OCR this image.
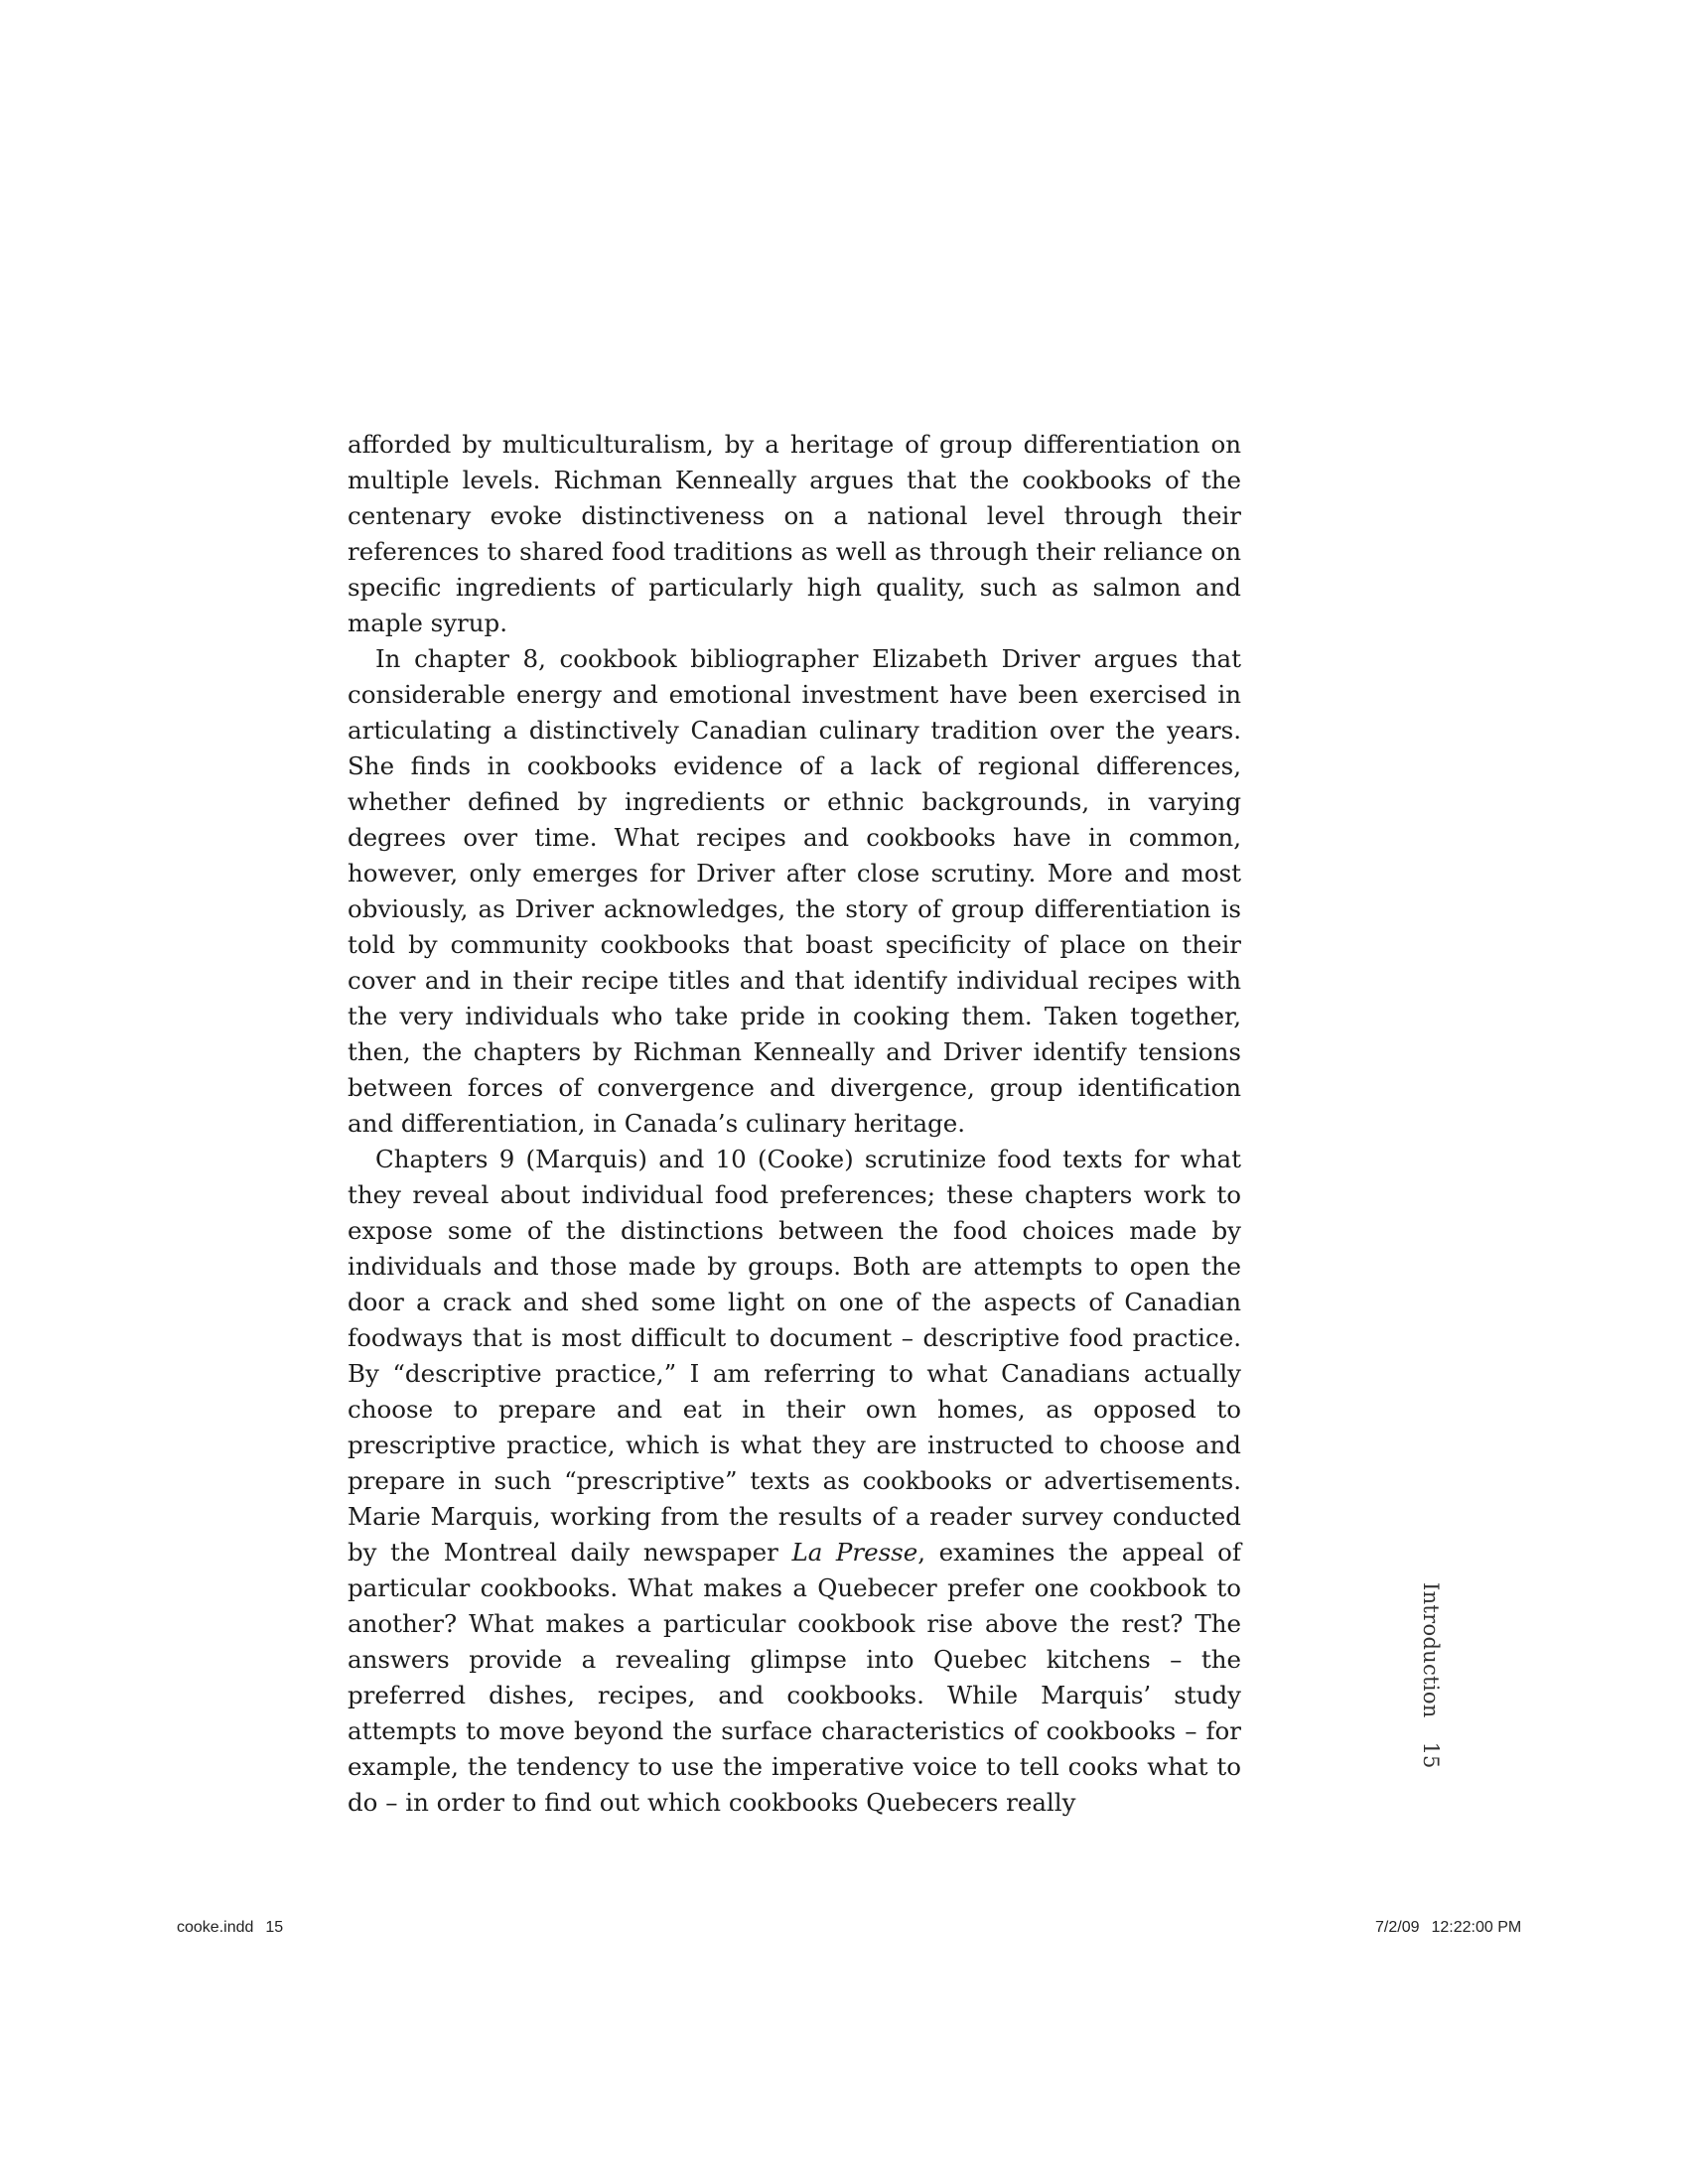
afforded by multiculturalism, by a heritage of group differentiation on multiple levels. Richman Kenneally argues that the cookbooks of the centenary evoke distinctiveness on a national level through their references to shared food traditions as well as through their reliance on specific ingredients of particularly high quality, such as salmon and maple syrup.

In chapter 8, cookbook bibliographer Elizabeth Driver argues that considerable energy and emotional investment have been exercised in articulating a distinctively Canadian culinary tradition over the years. She finds in cookbooks evidence of a lack of regional differences, whether defined by ingredients or ethnic backgrounds, in varying degrees over time. What recipes and cookbooks have in common, however, only emerges for Driver after close scrutiny. More and most obviously, as Driver acknowledges, the story of group differentiation is told by community cookbooks that boast specificity of place on their cover and in their recipe titles and that identify individual recipes with the very individuals who take pride in cooking them. Taken together, then, the chapters by Richman Kenneally and Driver identify tensions between forces of convergence and divergence, group identification and differentiation, in Canada’s culinary heritage.

Chapters 9 (Marquis) and 10 (Cooke) scrutinize food texts for what they reveal about individual food preferences; these chapters work to expose some of the distinctions between the food choices made by individuals and those made by groups. Both are attempts to open the door a crack and shed some light on one of the aspects of Canadian foodways that is most difficult to document – descriptive food practice. By “descriptive practice,” I am referring to what Canadians actually choose to prepare and eat in their own homes, as opposed to prescriptive practice, which is what they are instructed to choose and prepare in such “prescriptive” texts as cookbooks or advertisements. Marie Marquis, working from the results of a reader survey conducted by the Montreal daily newspaper La Presse, examines the appeal of particular cookbooks. What makes a Quebecer prefer one cookbook to another? What makes a particular cookbook rise above the rest? The answers provide a revealing glimpse into Quebec kitchens – the preferred dishes, recipes, and cookbooks. While Marquis’ study attempts to move beyond the surface characteristics of cookbooks – for example, the tendency to use the imperative voice to tell cooks what to do – in order to find out which cookbooks Quebecers really

Introduction15
cooke.indd 15	7/2/09 12:22:00 PM
